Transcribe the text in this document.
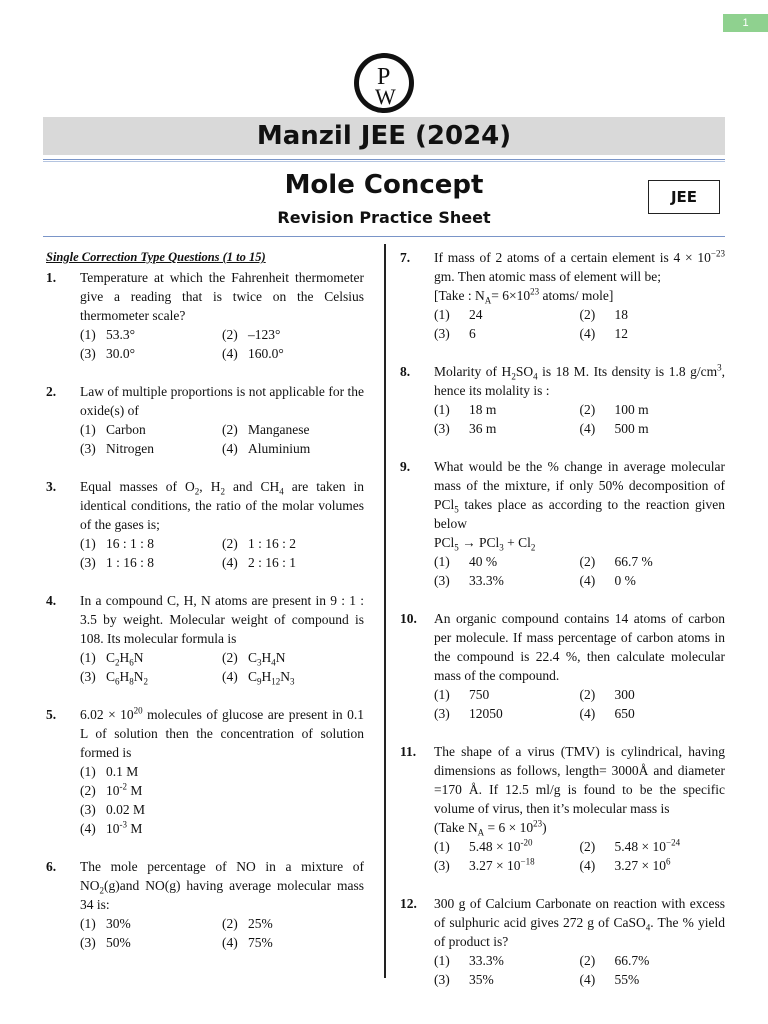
1
P
W
Manzil JEE (2024)
Mole Concept
Revision Practice Sheet
JEE
Single Correction Type Questions (1 to 15)
1.	Temperature at which the Fahrenheit thermometer give a reading that is twice on the Celsius thermometer scale?
(1) 53.3°	(2) –123°
(3) 30.0°	(4) 160.0°
2.	Law of multiple proportions is not applicable for the oxide(s) of
(1) Carbon	(2) Manganese
(3) Nitrogen	(4) Aluminium
3.	Equal masses of $O_2$, $H_2$ and $CH_4$ are taken in identical conditions, the ratio of the molar volumes of the gases is;
(1) 16 : 1 : 8	(2) 1 : 16 : 2
(3) 1 : 16 : 8	(4) 2 : 16 : 1
4.	In a compound C, H, N atoms are present in 9 : 1 : 3.5 by weight. Molecular weight of compound is 108. Its molecular formula is
(1) $C_2H_6N$	(2) $C_3H_4N$
(3) $C_6H_8N_2$	(4) $C_9H_{12}N_3$
5.	$6.02 \times 10^{20}$ molecules of glucose are present in 0.1 L of solution then the concentration of solution formed is
(1) 0.1 M
(2) $10^{-2}$ M
(3) 0.02 M
(4) $10^{-3}$ M
6.	The mole percentage of NO in a mixture of $NO_2(g)and$ NO(g) having average molecular mass 34 is:
(1) 30%	(2) 25%
(3) 50%	(4) 75%
7.	If mass of 2 atoms of a certain element is $4 \times 10^{-23}$ gm. Then atomic mass of element will be;
[Take : $N_A= 6\times 10^{23}$ atoms/ mole]
(1)	24	(2)	18
(3)	6	(4)	12
8.	Molarity of $H_2SO_4$ is 18 M. Its density is 1.8 $g/cm^3$, hence its molality is :
(1)	18 m	(2)	100 m
(3)	36 m	(4)	500 m
9.	What would be the % change in average molecular mass of the mixture, if only 50% decomposition of PCl$_5$ takes place as according to the reaction given below
$PCl_5 \to PCl_3 + Cl_2$
(1)	40 %	(2)	66.7 %
(3)	33.3%	(4)	0 %
10.	An organic compound contains 14 atoms of carbon per molecule. If mass percentage of carbon atoms in the compound is 22.4 %, then calculate molecular mass of the compound.
(1)	750	(2)	300
(3)	12050	(4)	650
11.	The shape of a virus (TMV) is cylindrical, having dimensions as follows, length= 3000Å and diameter =170 Å. If 12.5 ml/g is found to be the specific volume of virus, then it’s molecular mass is
(Take $N_A = 6 \times 10^{23}$)
(1)	$5.48 \times 10^{-20}$	(2)	$5.48 \times 10^{-24}$
(3)	$3.27 \times 10^{-18}$	(4)	$3.27 \times 10^6$
12.	300 g of Calcium Carbonate on reaction with excess of sulphuric acid gives 272 g of CaSO$_4$. The % yield of product is?
(1)	33.3%	(2)	66.7%
(3)	35%	(4)	55%
